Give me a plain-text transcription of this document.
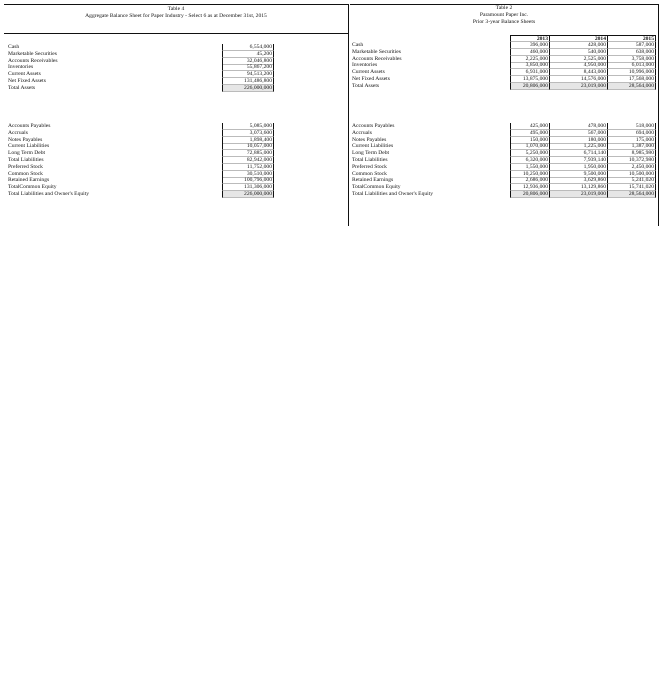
Table 4
Aggregate Balance Sheet for Paper Industry - Select 6 as at December 31st, 2015
Cash	6,554,000
Marketable Securities	45,200
Accounts Receivables	32,046,800
Inventories	55,867,200
Current Assets	94,513,200
Net Fixed Assets	131,486,800
Total Assets	226,000,000
Accounts Payables	5,085,000
Accruals	3,073,600
Notes Payables	1,898,400
Current Liabilities	10,057,000
Long Term Debt	72,885,000
Total Liabilities	82,942,000
Preferred Stock	11,752,000
Common Stock	30,510,000
Retained Earnings	100,796,000
TotalCommon Equity	131,306,000
Total Liabilities and Owner's Equity	226,000,000
Table 2
Paramount Paper Inc.
Prior 3-year Balance Sheets
2013	2014	2015
Cash	396,000	428,000	587,000
Marketable Securities	460,000	540,000	638,000
Accounts Receivables	2,225,000	2,525,000	3,758,000
Inventories	3,850,000	4,950,000	6,013,000
Current Assets	6,931,000	8,443,000	10,996,000
Net Fixed Assets	13,875,000	14,576,000	17,568,000
Total Assets	20,806,000	23,019,000	28,564,000
Accounts Payables	425,000	478,000	518,000
Accruals	495,000	567,000	694,000
Notes Payables	150,000	180,000	175,000
Current Liabilities	1,070,000	1,225,000	1,387,000
Long Term Debt	5,250,000	6,714,140	8,985,980
Total Liabilities	6,320,000	7,939,140	10,372,980
Preferred Stock	1,550,000	1,950,000	2,450,000
Common Stock	10,250,000	9,500,000	10,500,000
Retained Earnings	2,686,000	3,629,860	5,241,020
TotalCommon Equity	12,936,000	13,129,860	15,741,020
Total Liabilities and Owner's Equity	20,806,000	23,019,000	28,564,000
